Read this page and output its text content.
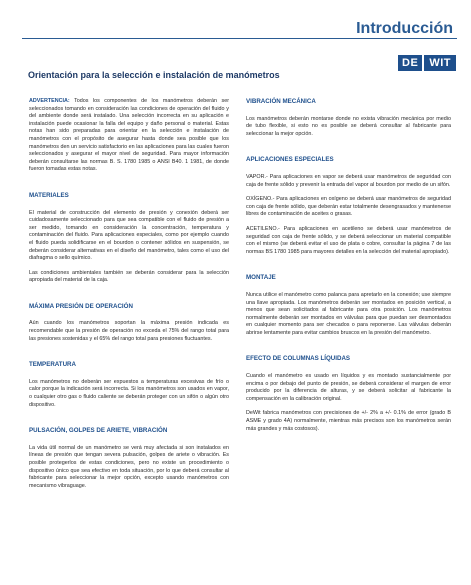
Introducción
DE	WIT
Orientación para la selección e instalación de manómetros

ADVERTENCIA: Todos los componentes de los manómetros deberán ser seleccionados tomando en consideración las condiciones de operación del fluido y del ambiente donde será instalado. Una selección incorrecta en su aplicación e instalación puede ocasionar la falla del equipo y daño personal o material. Estas notas han sido preparadas para orientar en la selección e instalación de manómetros con el propósito de asegurar hasta donde sea posible que los manómetros den un servicio satisfactorio en las aplicaciones para las cuales fueron seleccionados y asegurar el mayor nivel de seguridad. Para mayor información deberán consultarse las normas B. S. 1780 1985 o ANSI B40. 1 1981, de donde fueron tomadas estas notas.

MATERIALES

El material de construcción del elemento de presión y conexión deberá ser cuidadosamente seleccionado para que sea compatible con el fluido de presión a ser medido, tomando en consideración la concentración, temperatura y contaminación del fluido. Para aplicaciones especiales, como por ejemplo cuando el fluido pueda solidificarse en el bourdon o contener sólidos en suspensión, se deberán considerar alternativas en el diseño del manómetro, tales como el uso del diafragma o sello químico.

Las condiciones ambientales también se deberán considerar para la selección apropiada del material de la caja.

MÁXIMA PRESIÓN DE OPERACIÓN

Aún cuando los manómetros soportan la máxima presión indicada es recomendable que la presión de operación no exceda el 75% del rango total para las presiones sostenidas y el 65% del rango total para presiones fluctuantes.

TEMPERATURA

Los manómetros no deberán ser expuestos a temperaturas excesivas de frío o calor porque la indicación será incorrecta. Si los manómetros son usados en vapor, o cualquier otro gas o fluido caliente se deberán proteger con un sifón o algún otro dispositivo.

PULSACIÓN, GOLPES DE ARIETE, VIBRACIÓN

La vida útil normal de un manómetro se verá muy afectada si son instalados en líneas de presión que tengan severa pulsación, golpes de ariete o vibración. Es posible protegerlos de estas condiciones, pero no existe un procedimiento o dispositivo único que sea efectivo en toda situación, por lo que deberá consultar al fabricante para seleccionar la mejor opción, excepto usando manómetros con mecanismo vibraguage.

VIBRACIÓN MECÁNICA

Los manómetros deberán montarse donde no exista vibración mecánica por medio de tubo flexible, si esto no es posible se deberá consultar al fabricante para seleccionar la mejor opción.

APLICACIONES ESPECIALES

VAPOR.- Para aplicaciones en vapor se deberá usar manómetros de seguridad con caja de frente sólido y prevenir la entrada del vapor al bourdon por medio de un sifón.

OXÍGENO.- Para aplicaciones en oxígeno se deberá usar manómetros de seguridad con caja de frente sólido, que deberán estar totalmente desengrasados y mantenerse libres de contaminación de aceites o grasas.

ACETILENO.- Para aplicaciones en acetileno se deberá usar manómetros de seguridad con caja de frente sólido, y se deberá seleccionar un material compatible con el mismo (se deberá evitar el uso de plata o cobre, consultar la página 7 de las normas BS 1780 1985 para mayores detalles en la selección del material apropiado).

MONTAJE

Nunca utilice el manómetro como palanca para apretarlo en la conexión; use siempre una llave apropiada. Los manómetros deberán ser montados en posición vertical, a menos que sean solicitados al fabricante para otra posición. Los manómetros normalmente deberán ser montados en válvulas para que puedan ser desmontados en cualquier momento para ser checados o para reponerse. Las válvulas deberán abrirse lentamente para evitar cambios bruscos en la presión del manómetro.

EFECTO DE COLUMNAS LÍQUIDAS

Cuando el manómetro es usado en líquidos y es montado sustancialmente por encima o por debajo del punto de presión, se deberá considerar el margen de error producido por la diferencia de alturas, y se deberá solicitar al fabricante la compensación en la calibración original.

DeWit fabrica manómetros con precisiones de +/- 2% a +/- 0.1% de error (grado B ASME y grado 4A) normalmente, mientras más precisos son los manómetros serán más grandes y más costosos).
